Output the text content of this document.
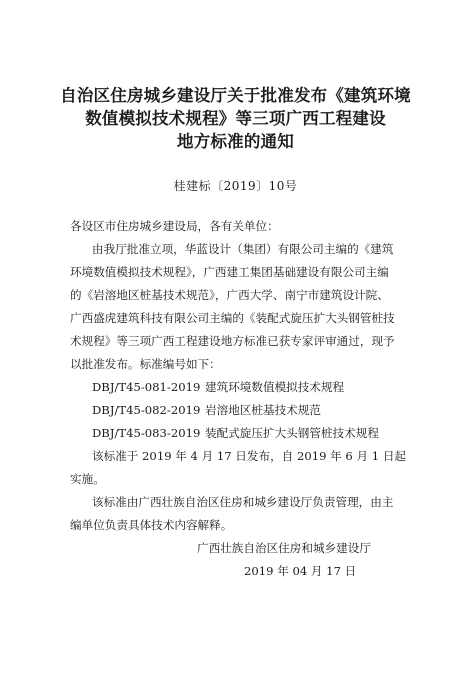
自治区住房城乡建设厅关于批准发布《建筑环境
数值模拟技术规程》等三项广西工程建设
地方标准的通知
桂建标〔2019〕10号
各设区市住房城乡建设局，各有关单位：
由我厅批准立项，华蓝设计（集团）有限公司主编的《建筑
环境数值模拟技术规程》，广西建工集团基础建设有限公司主编
的《岩溶地区桩基技术规范》，广西大学、南宁市建筑设计院、
广西盛虎建筑科技有限公司主编的《装配式旋压扩大头钢管桩技
术规程》等三项广西工程建设地方标准已获专家评审通过，现予
以批准发布。标准编号如下：
DBJ/T45-081-2019 建筑环境数值模拟技术规程
DBJ/T45-082-2019 岩溶地区桩基技术规范
DBJ/T45-083-2019 装配式旋压扩大头钢管桩技术规程
该标准于 2019 年 4 月 17 日发布，自 2019 年 6 月 1 日起
实施。
该标准由广西壮族自治区住房和城乡建设厅负责管理，由主
编单位负责具体技术内容解释。
广西壮族自治区住房和城乡建设厅
2019 年 04 月 17 日
